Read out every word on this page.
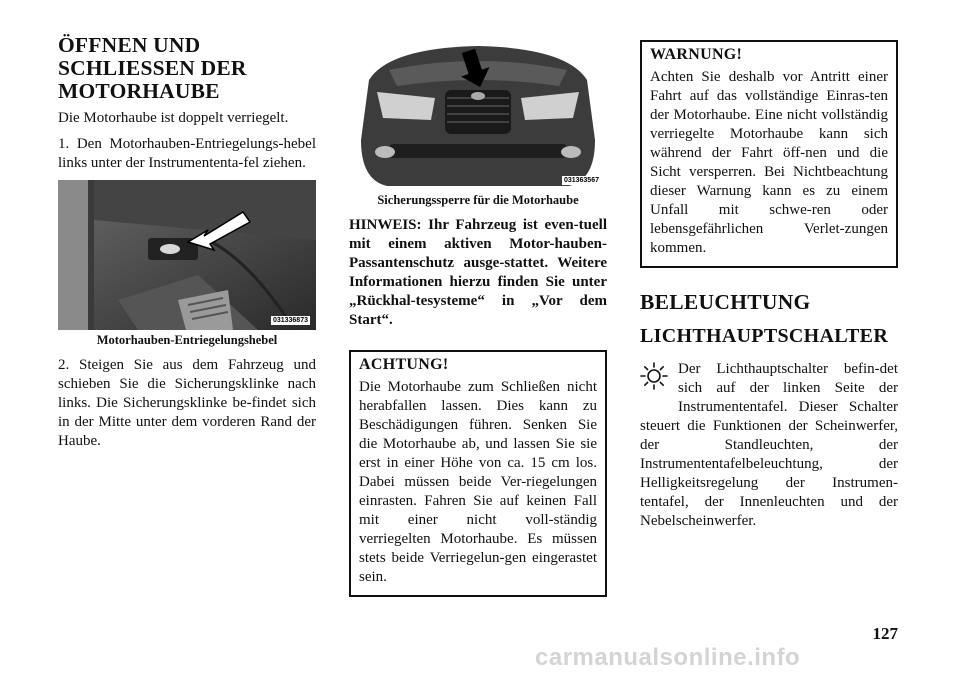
ÖFFNEN UND SCHLIESSEN DER MOTORHAUBE

Die Motorhaube ist doppelt verriegelt.

1. Den Motorhauben-Entriegelungs-hebel links unter der Instrumententa-fel ziehen.

031336873
Motorhauben-Entriegelungshebel

2. Steigen Sie aus dem Fahrzeug und schieben Sie die Sicherungsklinke nach links. Die Sicherungsklinke be-findet sich in der Mitte unter dem vorderen Rand der Haube.

031363567
Sicherungssperre für die Motorhaube

HINWEIS: Ihr Fahrzeug ist even-tuell mit einem aktiven Motor-hauben-Passantenschutz ausge-stattet. Weitere Informationen hierzu finden Sie unter „Rückhal-tesysteme“ in „Vor dem Start“.

ACHTUNG!

Die Motorhaube zum Schließen nicht herabfallen lassen. Dies kann zu Beschädigungen führen. Senken Sie die Motorhaube ab, und lassen Sie sie erst in einer Höhe von ca. 15 cm los. Dabei müssen beide Ver-riegelungen einrasten. Fahren Sie auf keinen Fall mit einer nicht voll-ständig verriegelten Motorhaube. Es müssen stets beide Verriegelun-gen eingerastet sein.

WARNUNG!

Achten Sie deshalb vor Antritt einer Fahrt auf das vollständige Einras-ten der Motorhaube. Eine nicht vollständig verriegelte Motorhaube kann sich während der Fahrt öff-nen und die Sicht versperren. Bei Nichtbeachtung dieser Warnung kann es zu einem Unfall mit schwe-ren oder lebensgefährlichen Verlet-zungen kommen.

BELEUCHTUNG
LICHTHAUPTSCHALTER

Der Lichthauptschalter befin-det sich auf der linken Seite der Instrumententafel. Dieser Schalter steuert die Funktionen der Scheinwerfer, der Standleuchten, der Instrumententafelbeleuchtung, der Helligkeitsregelung der Instrumen-tentafel, der Innenleuchten und der Nebelscheinwerfer.

127
carmanualsonline.info
